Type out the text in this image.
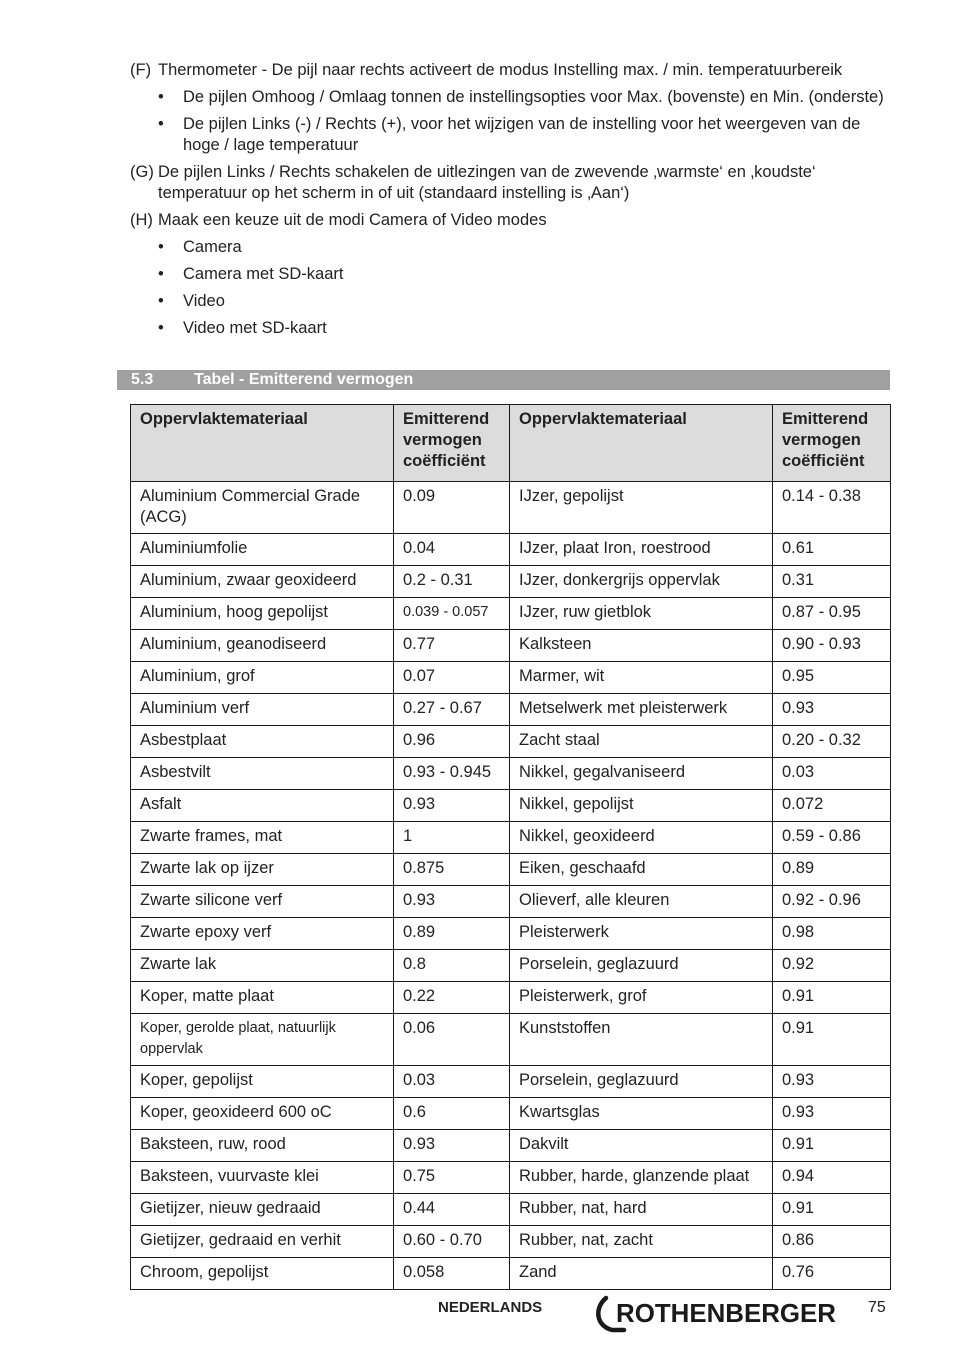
(F) Thermometer - De pijl naar rechts activeert de modus Instelling max. / min. temperatuurbereik
• De pijlen Omhoog / Omlaag tonnen de instellingsopties voor Max. (bovenste) en Min. (onderste)
• De pijlen Links (-) / Rechts (+), voor het wijzigen van de instelling voor het weergeven van de hoge / lage temperatuur
(G) De pijlen Links / Rechts schakelen de uitlezingen van de zwevende ‚warmste‘ en ‚koudste‘ temperatuur op het scherm in of uit (standaard instelling is ‚Aan‘)
(H) Maak een keuze uit de modi Camera of Video modes
• Camera
• Camera met SD-kaart
• Video
• Video met SD-kaart
5.3	Tabel - Emitterend vermogen
Oppervlaktemateriaal	Emitterend vermogen coëfficiënt	Oppervlaktemateriaal	Emitterend vermogen coëfficiënt
Aluminium Commercial Grade (ACG)	0.09	IJzer, gepolijst	0.14 - 0.38
Aluminiumfolie	0.04	IJzer, plaat Iron, roestrood	0.61
Aluminium, zwaar geoxideerd	0.2 - 0.31	IJzer, donkergrijs oppervlak	0.31
Aluminium, hoog gepolijst	0.039 - 0.057	IJzer, ruw gietblok	0.87 - 0.95
Aluminium, geanodiseerd	0.77	Kalksteen	0.90 - 0.93
Aluminium, grof	0.07	Marmer, wit	0.95
Aluminium verf	0.27 - 0.67	Metselwerk met pleisterwerk	0.93
Asbestplaat	0.96	Zacht staal	0.20 - 0.32
Asbestvilt	0.93 - 0.945	Nikkel, gegalvaniseerd	0.03
Asfalt	0.93	Nikkel, gepolijst	0.072
Zwarte frames, mat	1	Nikkel, geoxideerd	0.59 - 0.86
Zwarte lak op ijzer	0.875	Eiken, geschaafd	0.89
Zwarte silicone verf	0.93	Olieverf, alle kleuren	0.92 - 0.96
Zwarte epoxy verf	0.89	Pleisterwerk	0.98
Zwarte lak	0.8	Porselein, geglazuurd	0.92
Koper, matte plaat	0.22	Pleisterwerk, grof	0.91
Koper, gerolde plaat, natuurlijk oppervlak	0.06	Kunststoffen	0.91
Koper, gepolijst	0.03	Porselein, geglazuurd	0.93
Koper, geoxideerd 600 oC	0.6	Kwartsglas	0.93
Baksteen, ruw, rood	0.93	Dakvilt	0.91
Baksteen, vuurvaste klei	0.75	Rubber, harde, glanzende plaat	0.94
Gietijzer, nieuw gedraaid	0.44	Rubber, nat, hard	0.91
Gietijzer, gedraaid en verhit	0.60 - 0.70	Rubber, nat, zacht	0.86
Chroom, gepolijst	0.058	Zand	0.76
NEDERLANDS	ROTHENBERGER 75
